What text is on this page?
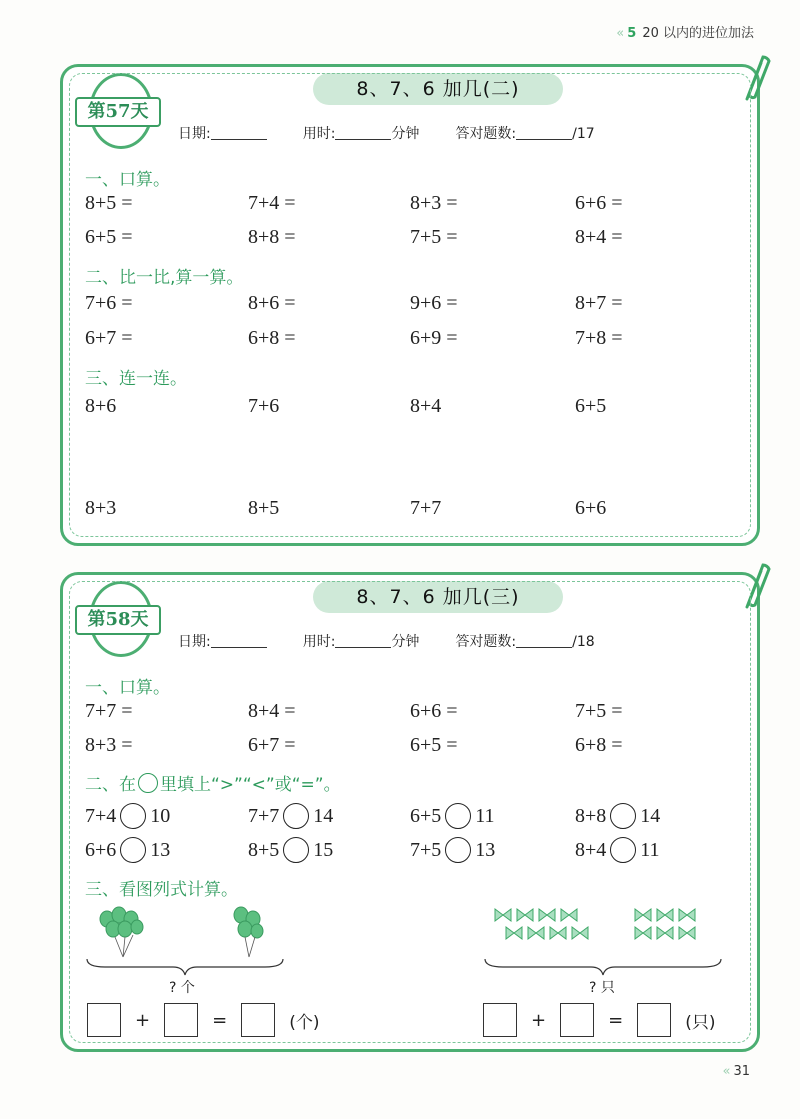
« 5 20 以内的进位加法
第57天
8、7、6 加几(二)
日期:	用时:	分钟	答对题数:	/17
一、口算。
8+5 =	7+4 =	8+3 =	6+6 =
6+5 =	8+8 =	7+5 =	8+4 =
二、比一比,算一算。
7+6 =	8+6 =	9+6 =	8+7 =
6+7 =	6+8 =	6+9 =	7+8 =
三、连一连。
8+6	7+6	8+4	6+5
8+3	8+5	7+7	6+6
第58天
8、7、6 加几(三)
日期:	用时:	分钟	答对题数:	/18
一、口算。
7+7 =	8+4 =	6+6 =	7+5 =
8+3 =	6+7 =	6+5 =	6+8 =
二、在 里填上“>”“<”或“=”。
7+4 10	7+7 14	6+5 11	8+8 14
6+6 13	8+5 15	7+5 13	8+4 11
三、看图列式计算。
? 个
+	=	(个)
? 只
+	=	(只)
« 31
